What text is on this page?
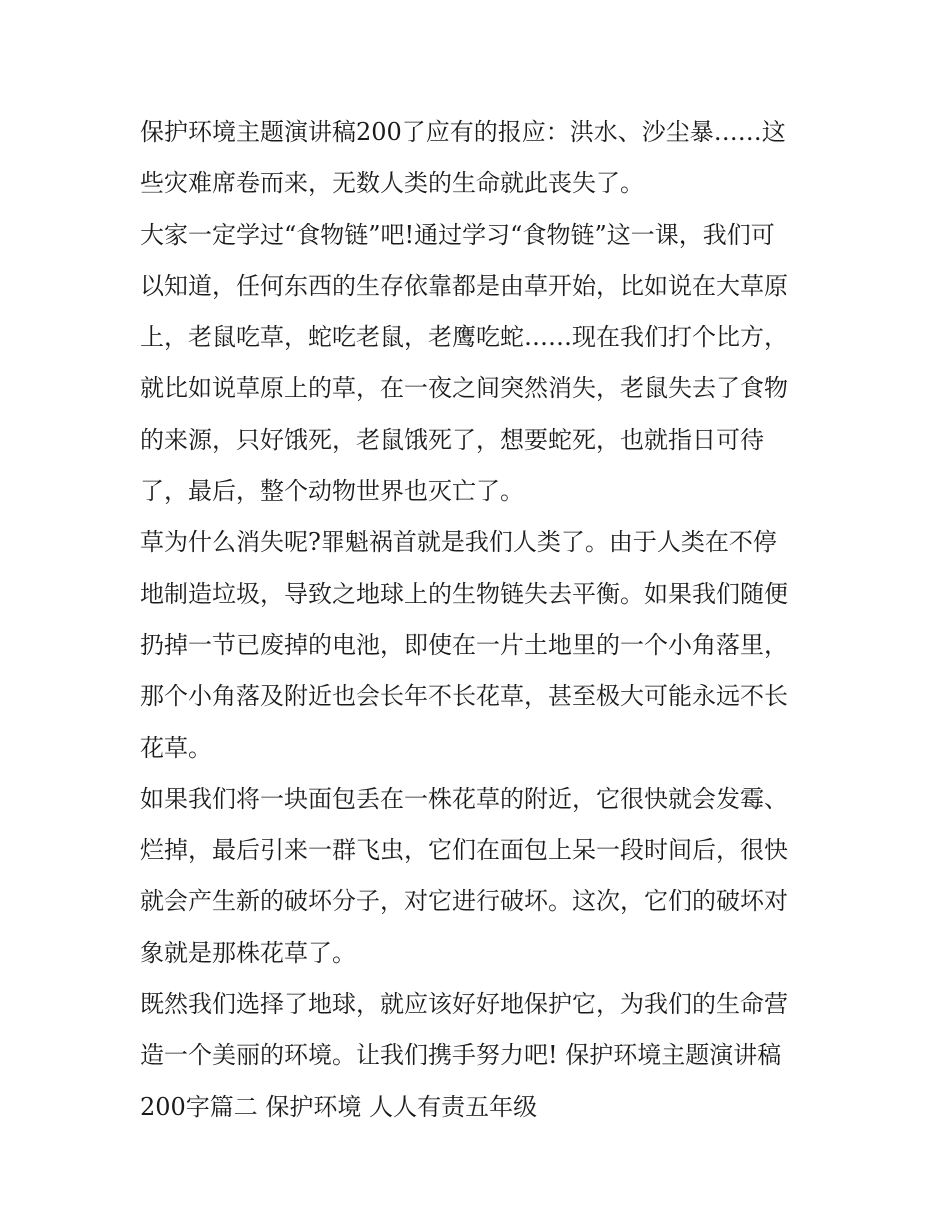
保护环境主题演讲稿200了应有的报应：洪水、沙尘暴……这
些灾难席卷而来，无数人类的生命就此丧失了。
大家一定学过“食物链”吧!通过学习“食物链”这一课，我们可
以知道，任何东西的生存依靠都是由草开始，比如说在大草原
上，老鼠吃草，蛇吃老鼠，老鹰吃蛇……现在我们打个比方，
就比如说草原上的草，在一夜之间突然消失，老鼠失去了食物
的来源，只好饿死，老鼠饿死了，想要蛇死，也就指日可待
了，最后，整个动物世界也灭亡了。
草为什么消失呢?罪魁祸首就是我们人类了。由于人类在不停
地制造垃圾，导致之地球上的生物链失去平衡。如果我们随便
扔掉一节已废掉的电池，即使在一片土地里的一个小角落里，
那个小角落及附近也会长年不长花草，甚至极大可能永远不长
花草。
如果我们将一块面包丢在一株花草的附近，它很快就会发霉、
烂掉，最后引来一群飞虫，它们在面包上呆一段时间后，很快
就会产生新的破坏分子，对它进行破坏。这次，它们的破坏对
象就是那株花草了。
既然我们选择了地球，就应该好好地保护它，为我们的生命营
造一个美丽的环境。让我们携手努力吧! 保护环境主题演讲稿
200字篇二 保护环境 人人有责五年级
